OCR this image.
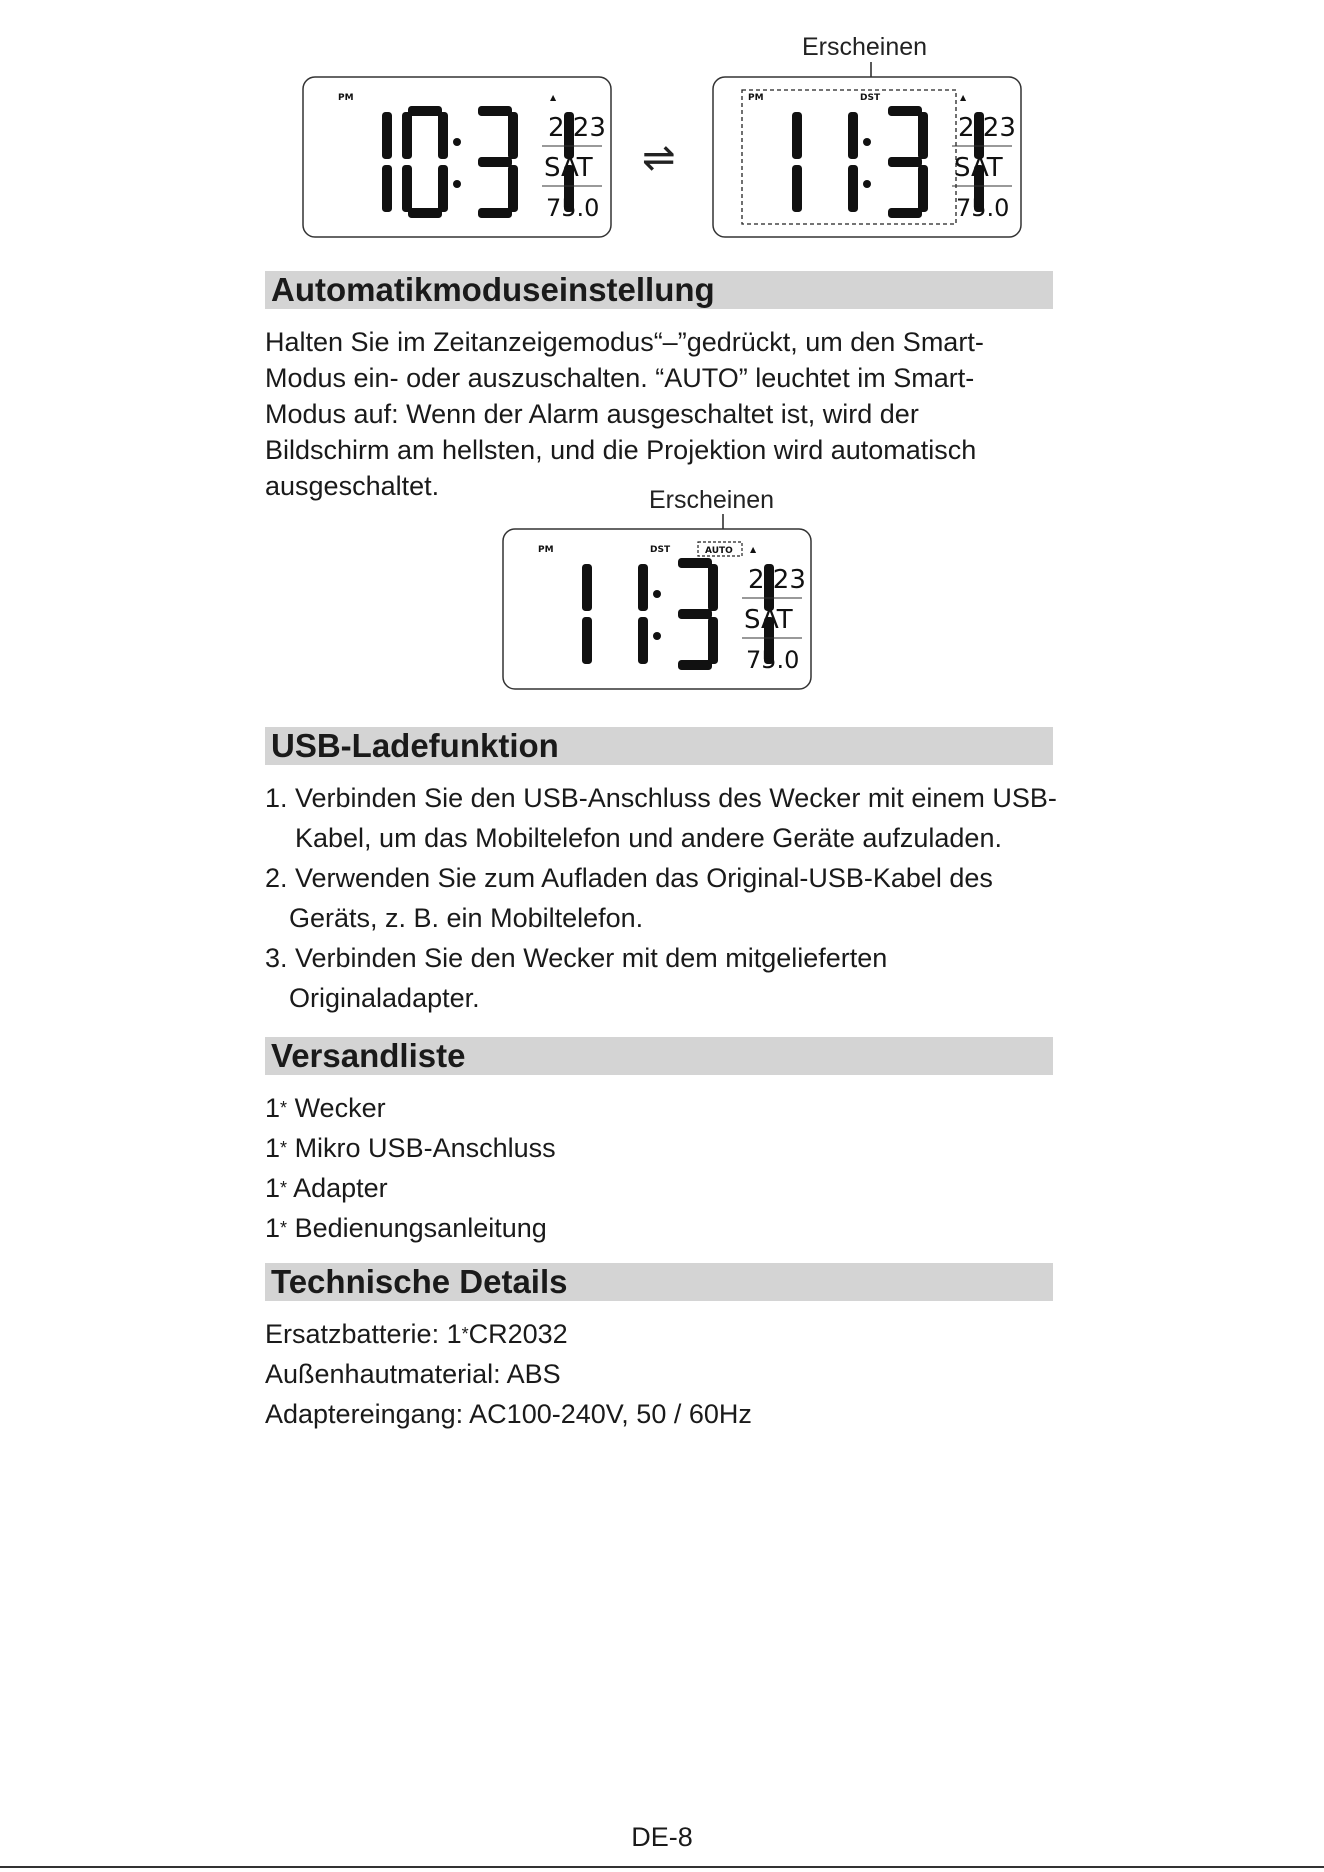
Erscheinen
PM	▲
2 23
SAT
75.0
⇌
PM	DST	▲
2 23
SAT
75.0
Automatikmoduseinstellung
Halten Sie im Zeitanzeigemodus“–”gedrückt, um den Smart-
Modus ein- oder auszuschalten. “AUTO” leuchtet im Smart-
Modus auf: Wenn der Alarm ausgeschaltet ist, wird der
Bildschirm am hellsten, und die Projektion wird automatisch
ausgeschaltet.	Erscheinen
PM	DST	AUTO ▲
2 23
SAT
75.0
USB-Ladefunktion
1. Verbinden Sie den USB-Anschluss des Wecker mit einem USB-
Kabel, um das Mobiltelefon und andere Geräte aufzuladen.
2. Verwenden Sie zum Aufladen das Original-USB-Kabel des
Geräts, z. B. ein Mobiltelefon.
3. Verbinden Sie den Wecker mit dem mitgelieferten
Originaladapter.
Versandliste
1* Wecker
1* Mikro USB-Anschluss
1* Adapter
1* Bedienungsanleitung
Technische Details
Ersatzbatterie: 1*CR2032
Außenhautmaterial: ABS
Adaptereingang: AC100-240V, 50 / 60Hz
DE-8
